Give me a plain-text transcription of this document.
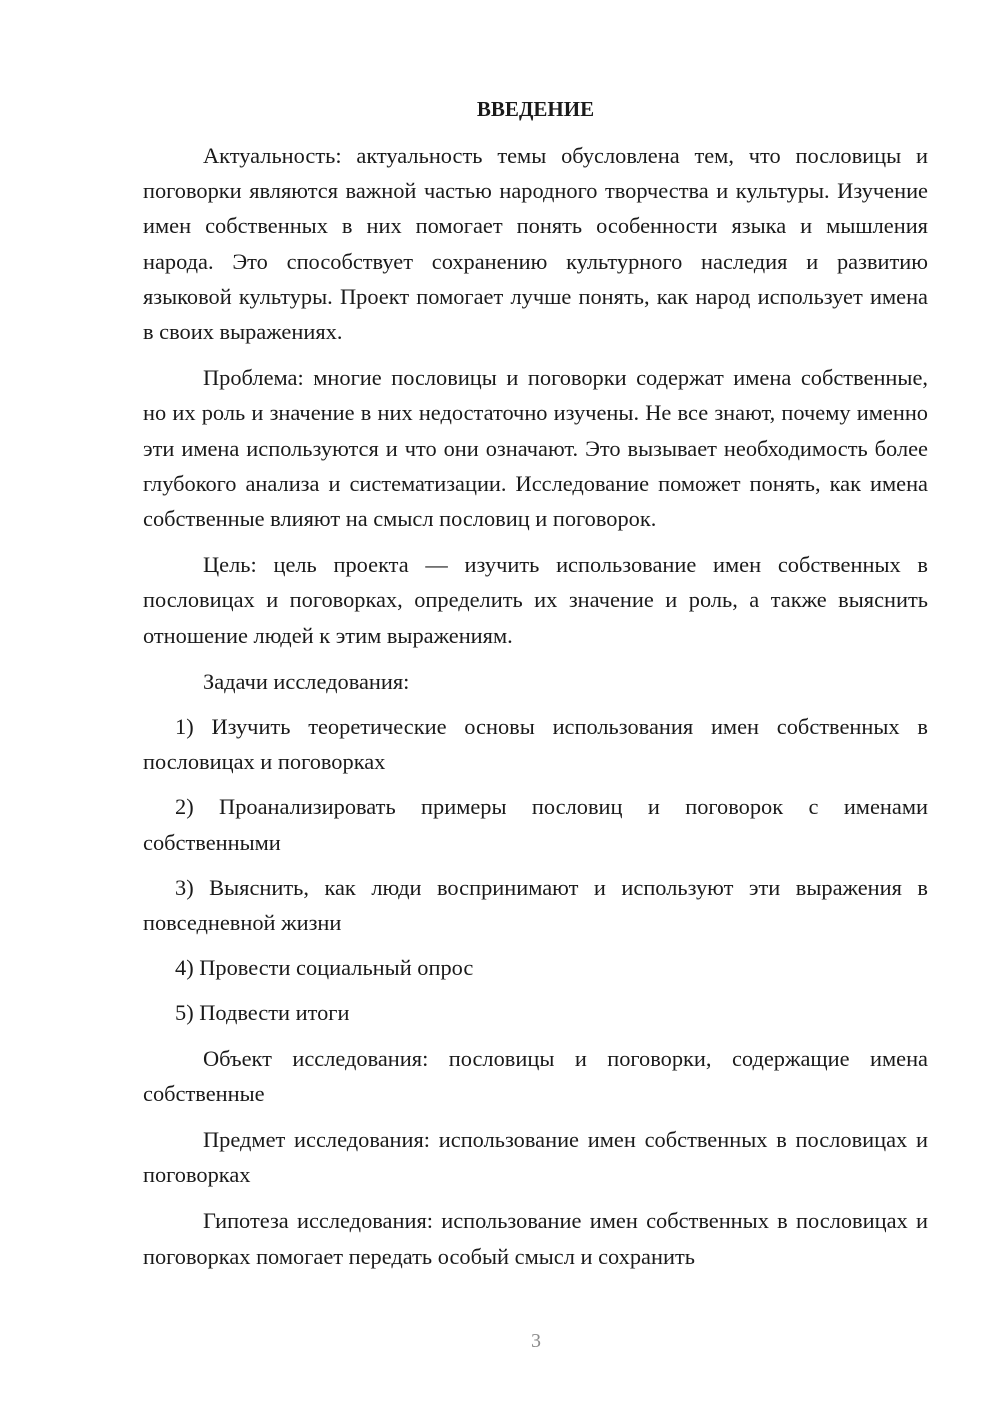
ВВЕДЕНИЕ
Актуальность: актуальность темы обусловлена тем, что пословицы и поговорки являются важной частью народного творчества и культуры. Изучение имен собственных в них помогает понять особенности языка и мышления народа. Это способствует сохранению культурного наследия и развитию языковой культуры. Проект помогает лучше понять, как народ использует имена в своих выражениях.
Проблема: многие пословицы и поговорки содержат имена собственные, но их роль и значение в них недостаточно изучены. Не все знают, почему именно эти имена используются и что они означают. Это вызывает необходимость более глубокого анализа и систематизации. Исследование поможет понять, как имена собственные влияют на смысл пословиц и поговорок.
Цель: цель проекта — изучить использование имен собственных в пословицах и поговорках, определить их значение и роль, а также выяснить отношение людей к этим выражениям.
Задачи исследования:
1) Изучить теоретические основы использования имен собственных в пословицах и поговорках
2) Проанализировать примеры пословиц и поговорок с именами собственными
3) Выяснить, как люди воспринимают и используют эти выражения в повседневной жизни
4) Провести социальный опрос
5) Подвести итоги
Объект исследования: пословицы и поговорки, содержащие имена собственные
Предмет исследования: использование имен собственных в пословицах и поговорках
Гипотеза исследования: использование имен собственных в пословицах и поговорках помогает передать особый смысл и сохранить
3
